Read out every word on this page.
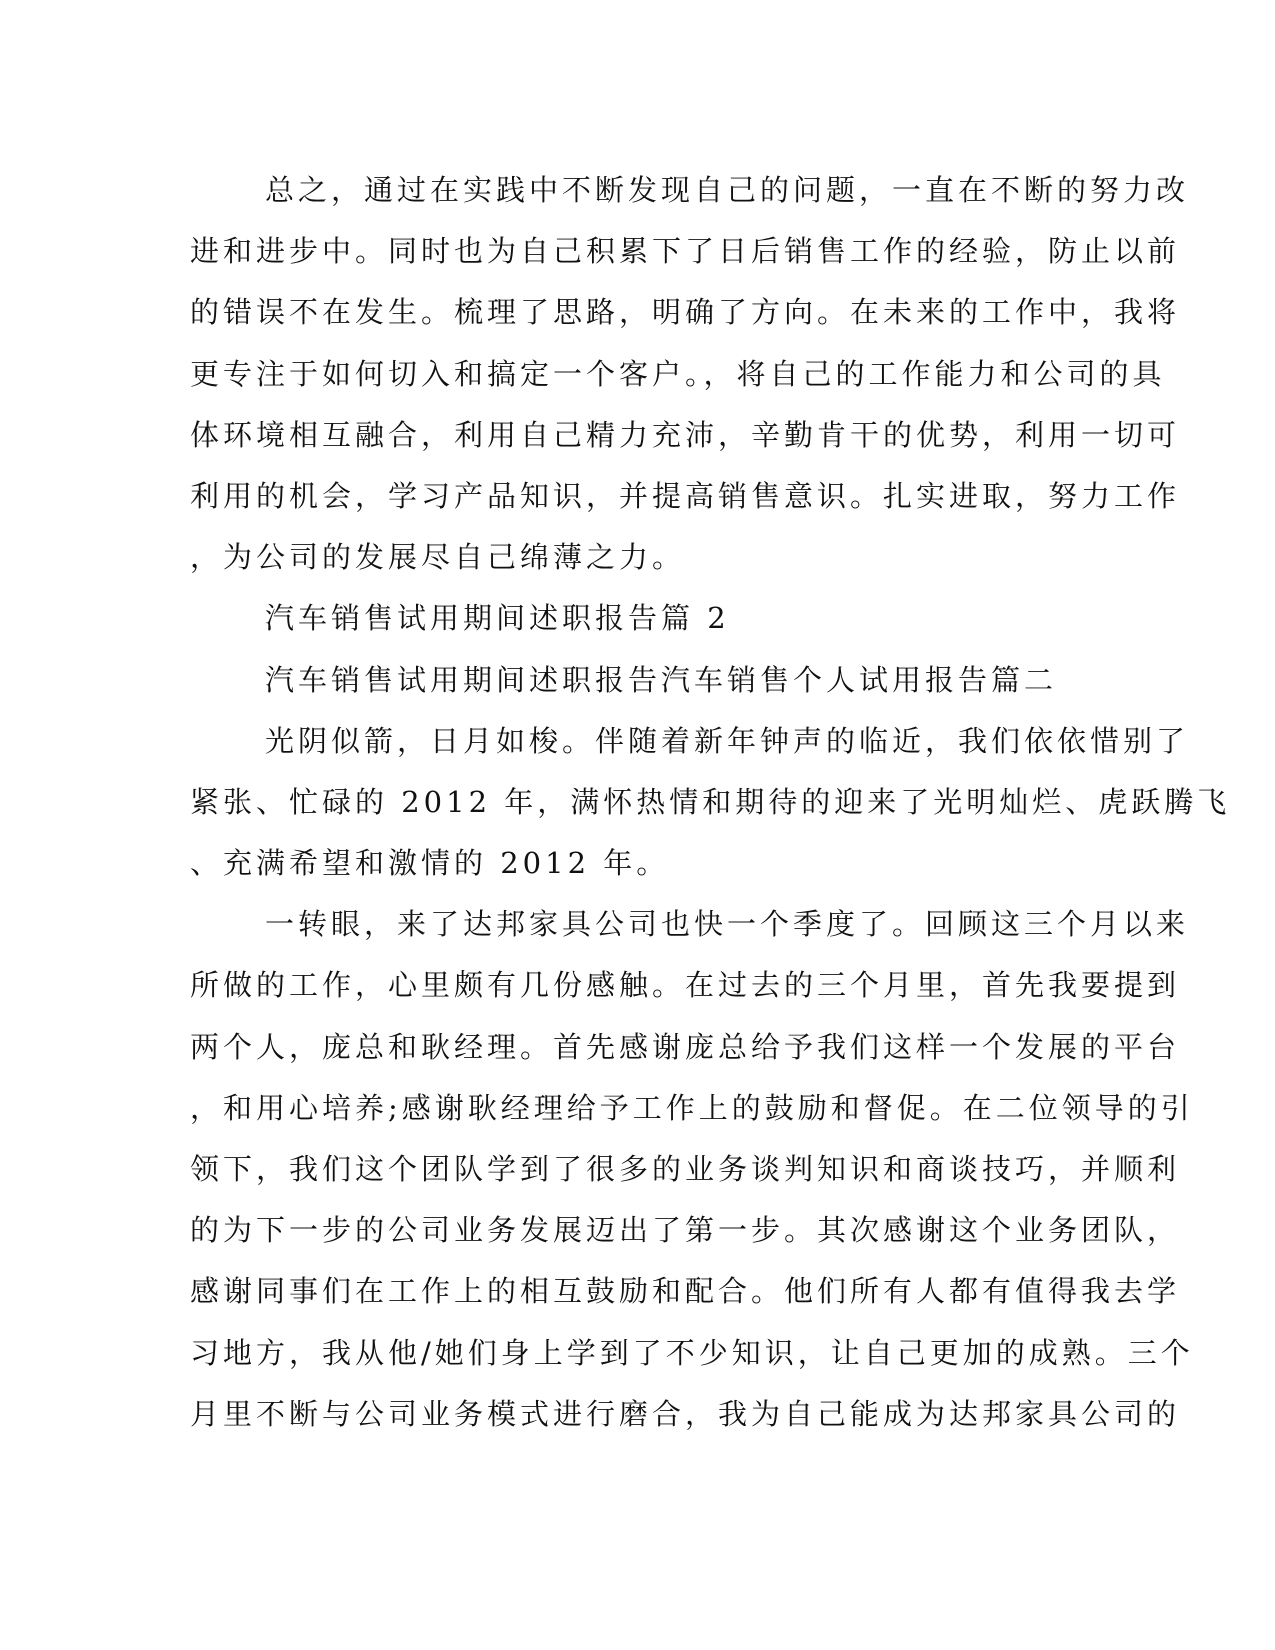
总之，通过在实践中不断发现自己的问题，一直在不断的努力改
进和进步中。同时也为自己积累下了日后销售工作的经验，防止以前
的错误不在发生。梳理了思路，明确了方向。在未来的工作中，我将
更专注于如何切入和搞定一个客户。，将自己的工作能力和公司的具
体环境相互融合，利用自己精力充沛，辛勤肯干的优势，利用一切可
利用的机会，学习产品知识，并提高销售意识。扎实进取，努力工作
，为公司的发展尽自己绵薄之力。
汽车销售试用期间述职报告篇 2
汽车销售试用期间述职报告汽车销售个人试用报告篇二
光阴似箭，日月如梭。伴随着新年钟声的临近，我们依依惜别了
紧张、忙碌的 2012 年，满怀热情和期待的迎来了光明灿烂、虎跃腾飞
、充满希望和激情的 2012 年。
一转眼，来了达邦家具公司也快一个季度了。回顾这三个月以来
所做的工作，心里颇有几份感触。在过去的三个月里，首先我要提到
两个人，庞总和耿经理。首先感谢庞总给予我们这样一个发展的平台
，和用心培养;感谢耿经理给予工作上的鼓励和督促。在二位领导的引
领下，我们这个团队学到了很多的业务谈判知识和商谈技巧，并顺利
的为下一步的公司业务发展迈出了第一步。其次感谢这个业务团队，
感谢同事们在工作上的相互鼓励和配合。他们所有人都有值得我去学
习地方，我从他/她们身上学到了不少知识，让自己更加的成熟。三个
月里不断与公司业务模式进行磨合，我为自己能成为达邦家具公司的
